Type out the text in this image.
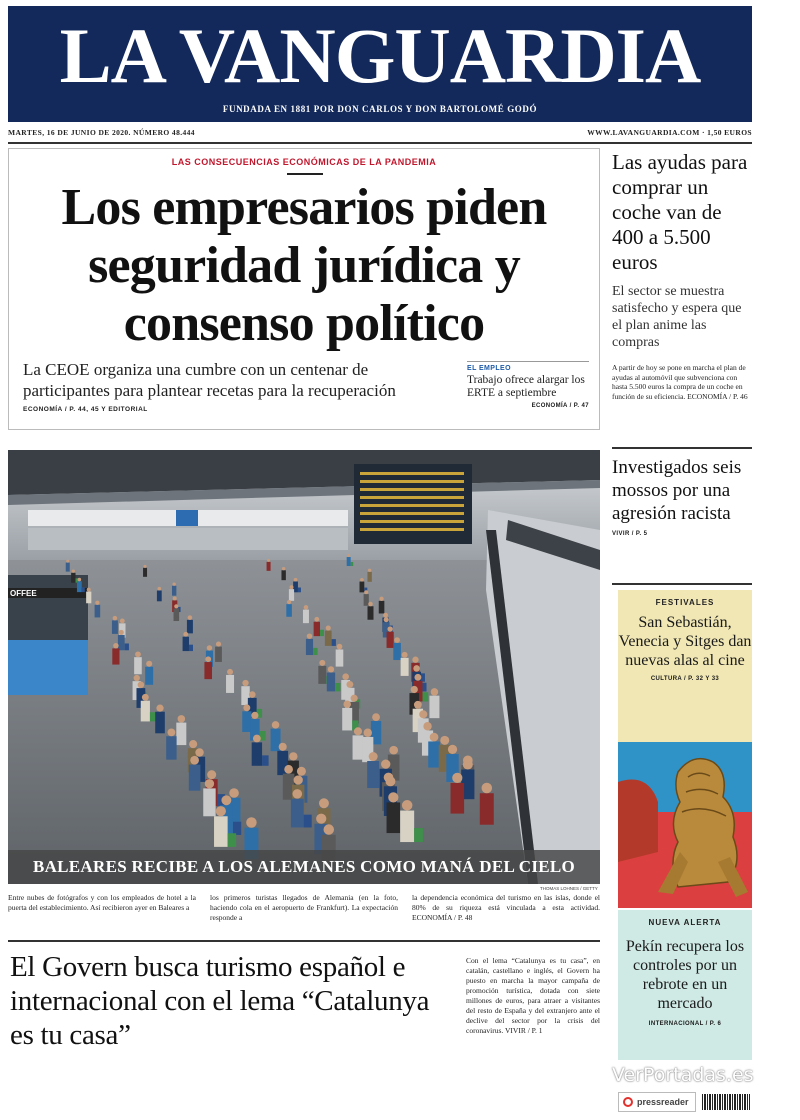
LA VANGUARDIA
FUNDADA EN 1881 POR DON CARLOS Y DON BARTOLOMÉ GODÓ
MARTES, 16 DE JUNIO DE 2020. NÚMERO 48.444	WWW.LAVANGUARDIA.COM · 1,50 EUROS
LAS CONSECUENCIAS ECONÓMICAS DE LA PANDEMIA
Los empresarios piden seguridad jurídica y consenso político
La CEOE organiza una cumbre con un centenar de participantes para plantear recetas para la recuperación
ECONOMÍA / P. 44, 45 Y EDITORIAL
EL EMPLEO
Trabajo ofrece alargar los ERTE a septiembre
ECONOMÍA / P. 47
Las ayudas para comprar un coche van de 400 a 5.500 euros
El sector se muestra satisfecho y espera que el plan anime las compras
A partir de hoy se pone en marcha el plan de ayudas al automóvil que subvenciona con hasta 5.500 euros la compra de un coche en función de su eficiencia. ECONOMÍA / P. 46
Investigados seis mossos por una agresión racista
VIVIR / P. 5
FESTIVALES
San Sebastián, Venecia y Sitges dan nuevas alas al cine
CULTURA / P. 32 Y 33
NUEVA ALERTA
Pekín recupera los controles por un rebrote en un mercado
INTERNACIONAL / P. 6
OFFEE
BALEARES RECIBE A LOS ALEMANES COMO MANÁ DEL CIELO
THOMAS LOHNES / GETTY
Entre nubes de fotógrafos y con los empleados de hotel a la puerta del establecimiento. Así recibieron ayer en Baleares a
los primeros turistas llegados de Alemania (en la foto, haciendo cola en el aeropuerto de Frankfurt). La expectación responde a
la dependencia económica del turismo en las islas, donde el 80% de su riqueza está vinculada a esta actividad. ECONOMÍA / P. 48
El Govern busca turismo español e internacional con el lema “Catalunya es tu casa”
Con el lema “Catalunya es tu casa”, en catalán, castellano e inglés, el Govern ha puesto en marcha la mayor campaña de promoción turística, dotada con siete millones de euros, para atraer a visitantes del resto de España y del extranjero ante el declive del sector por la crisis del coronavirus. VIVIR / P. 1
VerPortadas.es
pressreader
